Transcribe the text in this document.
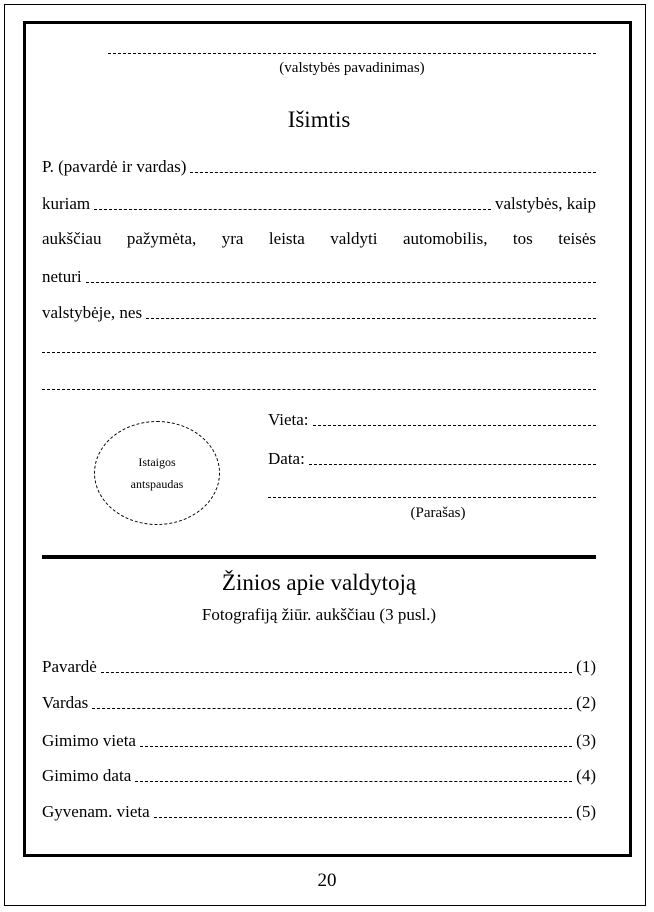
(valstybės pavadinimas)
Išimtis
P. (pavardė ir vardas)
kuriam	valstybės, kaip
aukščiau pažymėta, yra leista valdyti automobilis, tos teisės
neturi
valstybėje, nes
Istaigos
antspaudas
Vieta:
Data:
(Parašas)
Žinios apie valdytoją
Fotografiją žiūr. aukščiau (3 pusl.)
Pavardė	(1)
Vardas	(2)
Gimimo vieta	(3)
Gimimo data	(4)
Gyvenam. vieta	(5)
20
